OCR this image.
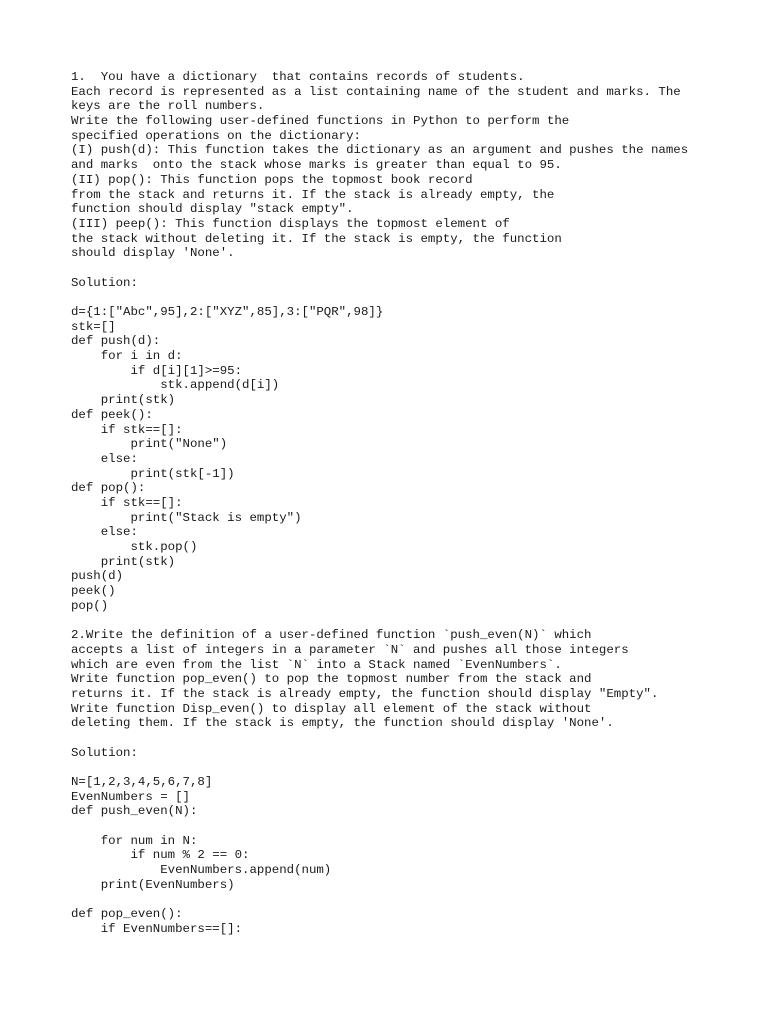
1.  You have a dictionary  that contains records of students.
Each record is represented as a list containing name of the student and marks. The
keys are the roll numbers.
Write the following user-defined functions in Python to perform the
specified operations on the dictionary:
(I) push(d): This function takes the dictionary as an argument and pushes the names
and marks  onto the stack whose marks is greater than equal to 95.
(II) pop(): This function pops the topmost book record
from the stack and returns it. If the stack is already empty, the
function should display "stack empty".
(III) peep(): This function displays the topmost element of
the stack without deleting it. If the stack is empty, the function
should display 'None'.
Solution:
d={1:["Abc",95],2:["XYZ",85],3:["PQR",98]}
stk=[]
def push(d):
for i in d:
if d[i][1]>=95:
stk.append(d[i])
print(stk)
def peek():
if stk==[]:
print("None")
else:
print(stk[-1])
def pop():
if stk==[]:
print("Stack is empty")
else:
stk.pop()
print(stk)
push(d)
peek()
pop()
2.Write the definition of a user-defined function `push_even(N)` which
accepts a list of integers in a parameter `N` and pushes all those integers
which are even from the list `N` into a Stack named `EvenNumbers`.
Write function pop_even() to pop the topmost number from the stack and
returns it. If the stack is already empty, the function should display "Empty".
Write function Disp_even() to display all element of the stack without
deleting them. If the stack is empty, the function should display 'None'.
Solution:
N=[1,2,3,4,5,6,7,8]
EvenNumbers = []
def push_even(N):
for num in N:
if num % 2 == 0:
EvenNumbers.append(num)
print(EvenNumbers)
def pop_even():
if EvenNumbers==[]:
